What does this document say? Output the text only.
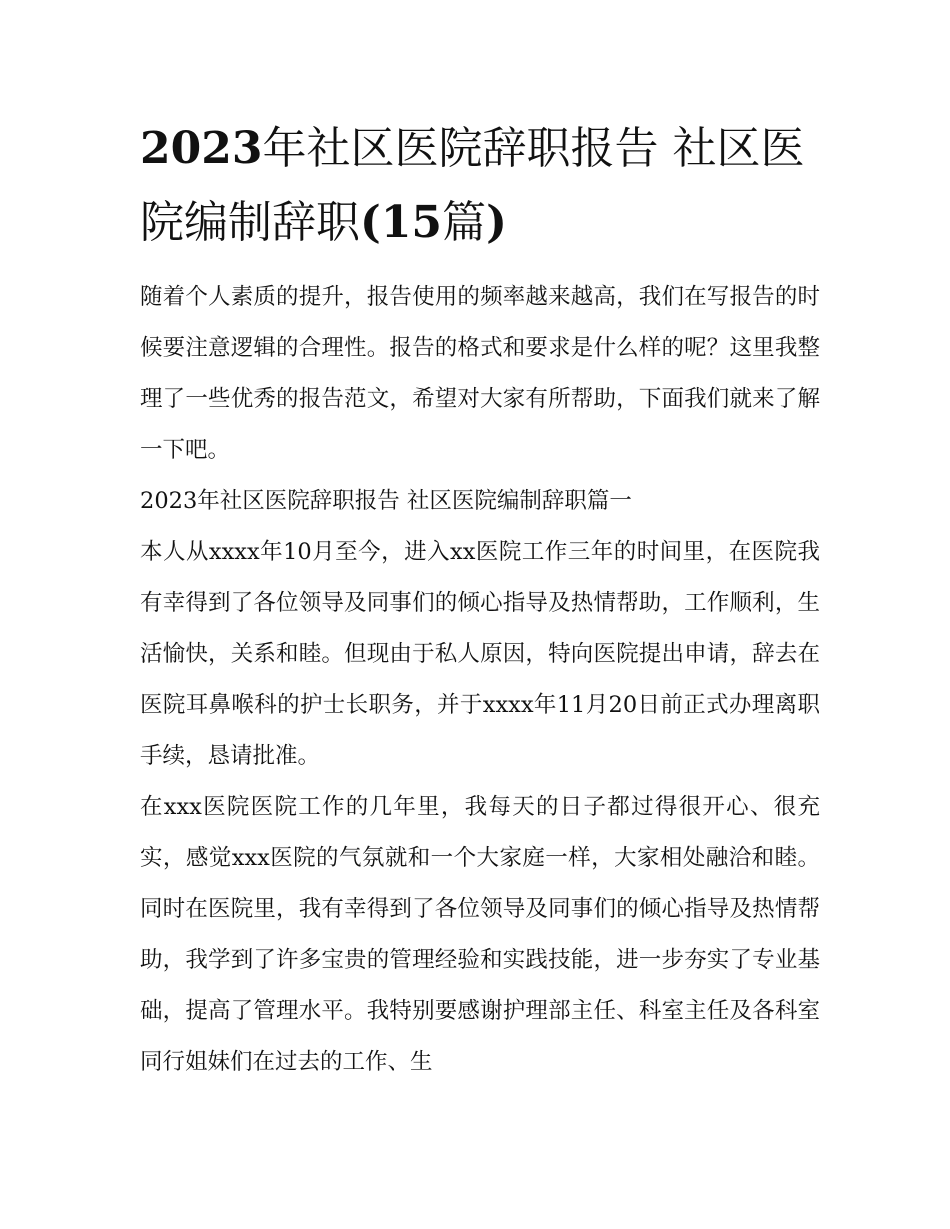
2023年社区医院辞职报告 社区医院编制辞职(15篇)

随着个人素质的提升，报告使用的频率越来越高，我们在写报告的时候要注意逻辑的合理性。报告的格式和要求是什么样的呢？这里我整理了一些优秀的报告范文，希望对大家有所帮助，下面我们就来了解一下吧。

2023年社区医院辞职报告 社区医院编制辞职篇一

本人从xxxx年10月至今，进入xx医院工作三年的时间里，在医院我有幸得到了各位领导及同事们的倾心指导及热情帮助，工作顺利，生活愉快，关系和睦。但现由于私人原因，特向医院提出申请，辞去在医院耳鼻喉科的护士长职务，并于xxxx年11月20日前正式办理离职手续，恳请批准。

在xxx医院医院工作的几年里，我每天的日子都过得很开心、很充实，感觉xxx医院的气氛就和一个大家庭一样，大家相处融洽和睦。同时在医院里，我有幸得到了各位领导及同事们的倾心指导及热情帮助，我学到了许多宝贵的管理经验和实践技能，进一步夯实了专业基础，提高了管理水平。我特别要感谢护理部主任、科室主任及各科室同行姐妹们在过去的工作、生
